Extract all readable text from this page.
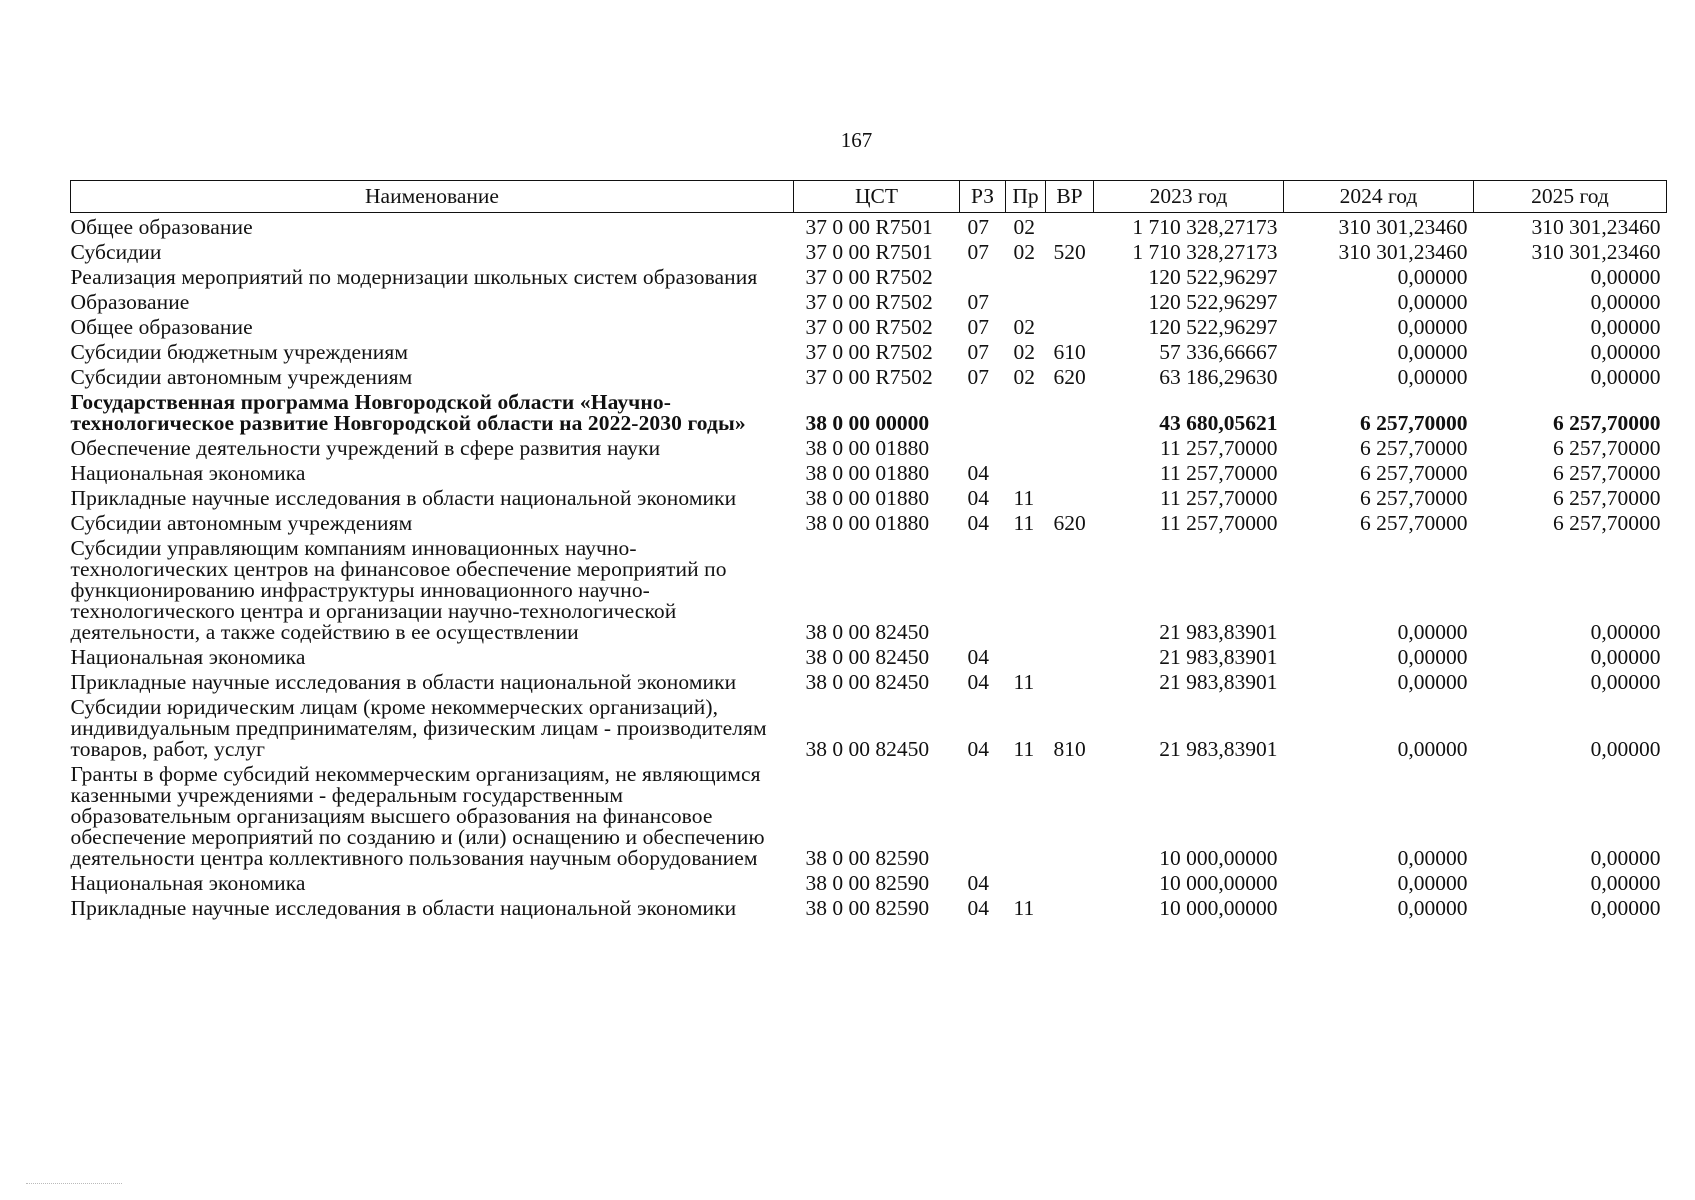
167
Наименование	ЦСТ	РЗ	Пр	ВР	2023 год	2024 год	2025 год
Общее образование	37 0 00 R7501	07	02		1 710 328,27173	310 301,23460	310 301,23460
Субсидии	37 0 00 R7501	07	02	520	1 710 328,27173	310 301,23460	310 301,23460
Реализация мероприятий по модернизации школьных систем образования	37 0 00 R7502				120 522,96297	0,00000	0,00000
Образование	37 0 00 R7502	07			120 522,96297	0,00000	0,00000
Общее образование	37 0 00 R7502	07	02		120 522,96297	0,00000	0,00000
Субсидии бюджетным учреждениям	37 0 00 R7502	07	02	610	57 336,66667	0,00000	0,00000
Субсидии автономным учреждениям	37 0 00 R7502	07	02	620	63 186,29630	0,00000	0,00000
Государственная программа Новгородской области «Научно-технологическое развитие Новгородской области на 2022-2030 годы»	38 0 00 00000				43 680,05621	6 257,70000	6 257,70000
Обеспечение деятельности учреждений в сфере развития науки	38 0 00 01880				11 257,70000	6 257,70000	6 257,70000
Национальная экономика	38 0 00 01880	04			11 257,70000	6 257,70000	6 257,70000
Прикладные научные исследования в области национальной экономики	38 0 00 01880	04	11		11 257,70000	6 257,70000	6 257,70000
Субсидии автономным учреждениям	38 0 00 01880	04	11	620	11 257,70000	6 257,70000	6 257,70000
Субсидии управляющим компаниям инновационных научно-технологических центров на финансовое обеспечение мероприятий по функционированию инфраструктуры инновационного научно-технологического центра и организации научно-технологической деятельности, а также содействию в ее осуществлении	38 0 00 82450				21 983,83901	0,00000	0,00000
Национальная экономика	38 0 00 82450	04			21 983,83901	0,00000	0,00000
Прикладные научные исследования в области национальной экономики	38 0 00 82450	04	11		21 983,83901	0,00000	0,00000
Субсидии юридическим лицам (кроме некоммерческих организаций), индивидуальным предпринимателям, физическим лицам - производителям товаров, работ, услуг	38 0 00 82450	04	11	810	21 983,83901	0,00000	0,00000
Гранты в форме субсидий некоммерческим организациям, не являющимся казенными учреждениями - федеральным государственным образовательным организациям высшего образования на финансовое обеспечение мероприятий по созданию и (или) оснащению и обеспечению деятельности центра коллективного пользования научным оборудованием	38 0 00 82590				10 000,00000	0,00000	0,00000
Национальная экономика	38 0 00 82590	04			10 000,00000	0,00000	0,00000
Прикладные научные исследования в области национальной экономики	38 0 00 82590	04	11		10 000,00000	0,00000	0,00000
